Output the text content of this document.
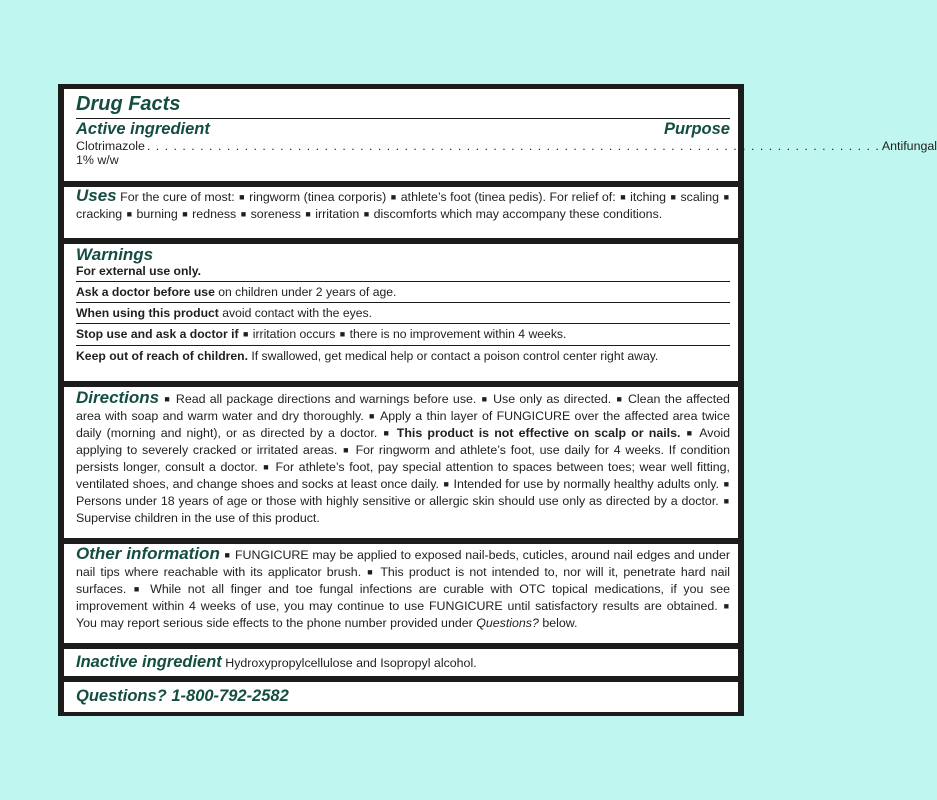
Drug Facts
Active ingredient	Purpose
Clotrimazole 1% w/w
. . . . . . . . . . . . . . . . . . . . . . . . . . . . . . . . . . . . . . . . . . . . . . . . . . . . . . . . . . . . . . . . . . . . . . . . . . . . . . . . . . . Antifungal
Uses For the cure of most: ■ ringworm (tinea corporis) ■ athlete’s foot (tinea pedis). For relief of: ■ itching ■ scaling ■ cracking ■ burning ■ redness ■ soreness ■ irritation ■ discomforts which may accompany these conditions.
Warnings
For external use only.
Ask a doctor before use on children under 2 years of age.
When using this product avoid contact with the eyes.
Stop use and ask a doctor if ■ irritation occurs ■ there is no improvement within 4 weeks.
Keep out of reach of children. If swallowed, get medical help or contact a poison control center right away.
Directions ■ Read all package directions and warnings before use. ■ Use only as directed. ■ Clean the affected area with soap and warm water and dry thoroughly. ■ Apply a thin layer of FUNGICURE over the affected area twice daily (morning and night), or as directed by a doctor. ■ This product is not effective on scalp or nails. ■ Avoid applying to severely cracked or irritated areas. ■ For ringworm and athlete’s foot, use daily for 4 weeks. If condition persists longer, consult a doctor. ■ For athlete’s foot, pay special attention to spaces between toes; wear well fitting, ventilated shoes, and change shoes and socks at least once daily. ■ Intended for use by normally healthy adults only. ■ Persons under 18 years of age or those with highly sensitive or allergic skin should use only as directed by a doctor. ■ Supervise children in the use of this product.
Other information ■ FUNGICURE may be applied to exposed nail-beds, cuticles, around nail edges and under nail tips where reachable with its applicator brush. ■ This product is not intended to, nor will it, penetrate hard nail surfaces. ■ While not all finger and toe fungal infections are curable with OTC topical medications, if you see improvement within 4 weeks of use, you may continue to use FUNGICURE until satisfactory results are obtained. ■ You may report serious side effects to the phone number provided under Questions? below.
Inactive ingredient Hydroxypropylcellulose and Isopropyl alcohol.
Questions? 1-800-792-2582
